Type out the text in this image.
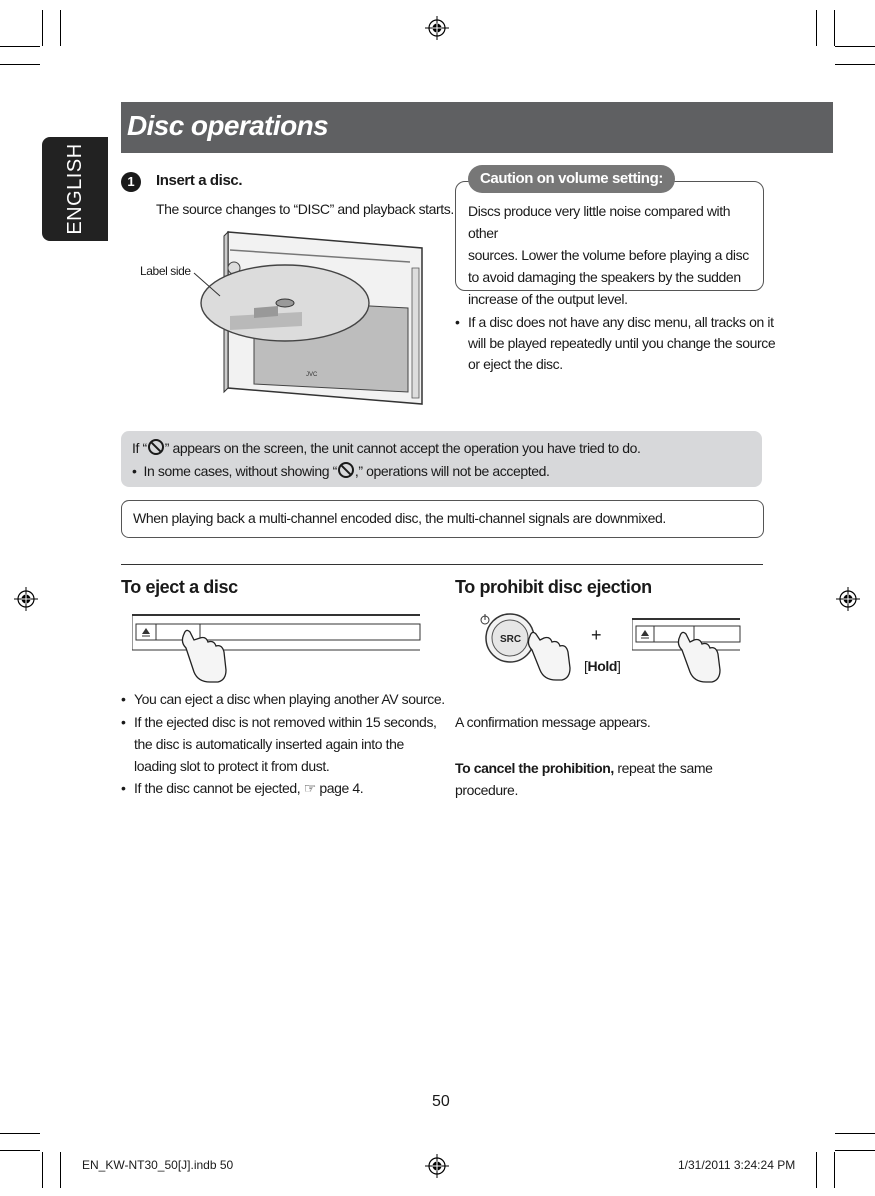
ENGLISH
Disc operations
1	Insert a disc.
The source changes to “DISC” and playback starts.
Label side
JVC
Caution on volume setting:
Discs produce very little noise compared with other
sources. Lower the volume before playing a disc
to avoid damaging the speakers by the sudden
increase of the output level.
• If a disc does not have any disc menu, all tracks on it will be played repeatedly until you change the source or eject the disc.
If “ ” appears on the screen, the unit cannot accept the operation you have tried to do.
• In some cases, without showing “ ,” operations will not be accepted.
When playing back a multi-channel encoded disc, the multi-channel signals are downmixed.
To eject a disc
• You can eject a disc when playing another AV source.
• If the ejected disc is not removed within 15 seconds, the disc is automatically inserted again into the loading slot to protect it from dust.
• If the disc cannot be ejected, ☞ page 4.
To prohibit disc ejection
SRC	+
[Hold]
A confirmation message appears.
To cancel the prohibition, repeat the same procedure.
50
EN_KW-NT30_50[J].indb 50	1/31/2011 3:24:24 PM
